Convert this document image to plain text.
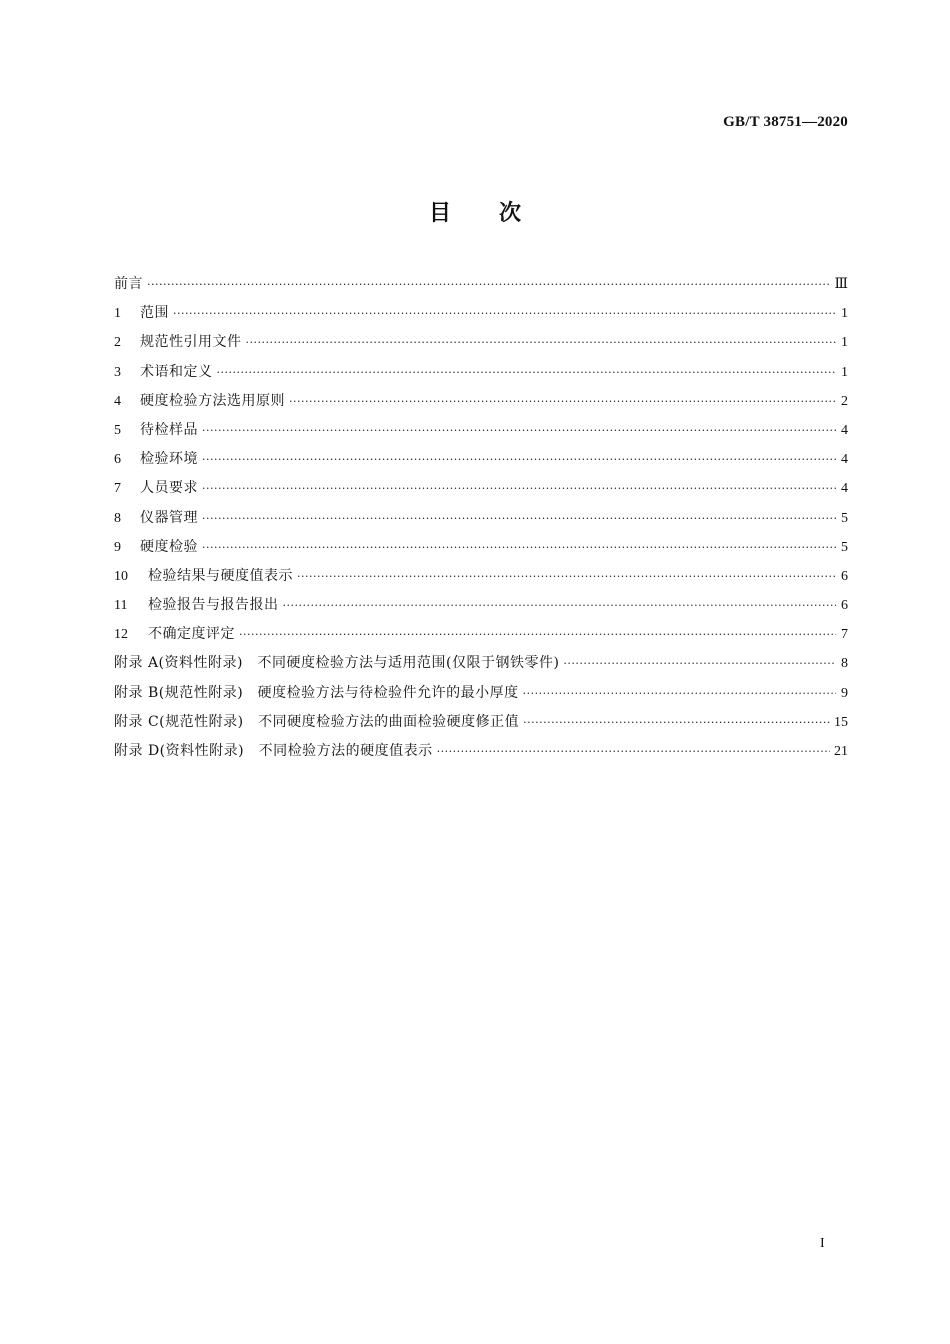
GB/T 38751—2020
目 次
前言 ·····	Ⅲ
1	范围 ·····	1
2	规范性引用文件 ·····	1
3	术语和定义 ·····	1
4	硬度检验方法选用原则 ·····	2
5	待检样品 ·····	4
6	检验环境 ·····	4
7	人员要求 ·····	4
8	仪器管理 ·····	5
9	硬度检验 ·····	5
10	检验结果与硬度值表示 ·····	6
11	检验报告与报告报出 ·····	6
12	不确定度评定 ·····	7
附录 A(资料性附录)　不同硬度检验方法与适用范围(仅限于钢铁零件) ·····	8
附录 B(规范性附录)　硬度检验方法与待检验件允许的最小厚度 ·····	9
附录 C(规范性附录)　不同硬度检验方法的曲面检验硬度修正值 ·····	15
附录 D(资料性附录)　不同检验方法的硬度值表示 ·····	21
I
